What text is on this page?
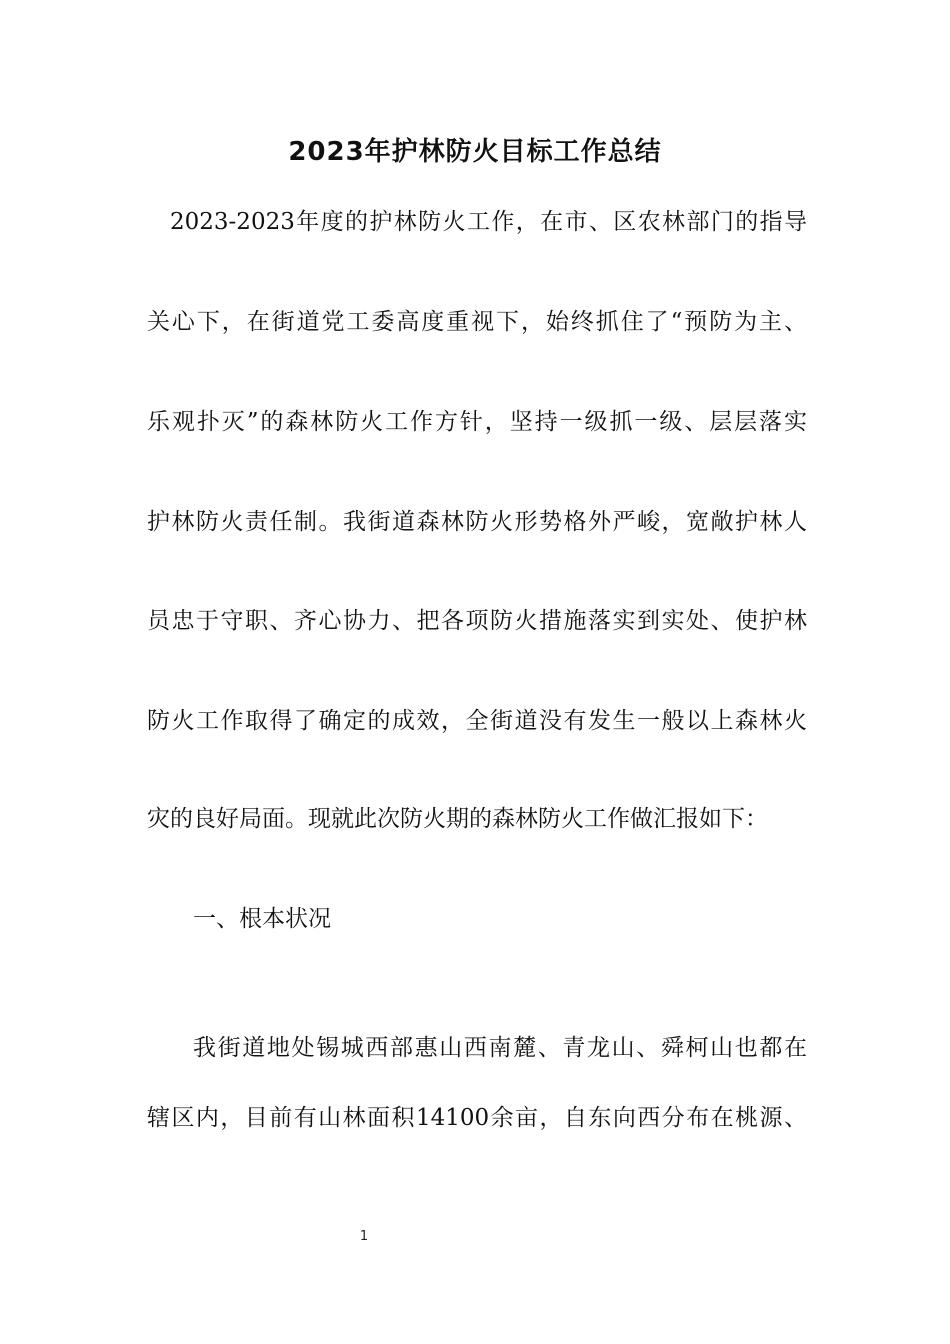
2023年护林防火目标工作总结
2023-2023年度的护林防火工作，在市、区农林部门的指导
关心下，在街道党工委高度重视下，始终抓住了“预防为主、
乐观扑灭”的森林防火工作方针，坚持一级抓一级、层层落实
护林防火责任制。我街道森林防火形势格外严峻，宽敞护林人
员忠于守职、齐心协力、把各项防火措施落实到实处、使护林
防火工作取得了确定的成效，全街道没有发生一般以上森林火
灾的良好局面。现就此次防火期的森林防火工作做汇报如下：
一、根本状况
我街道地处锡城西部惠山西南麓、青龙山、舜柯山也都在
辖区内，目前有山林面积14100余亩，自东向西分布在桃源、
1
